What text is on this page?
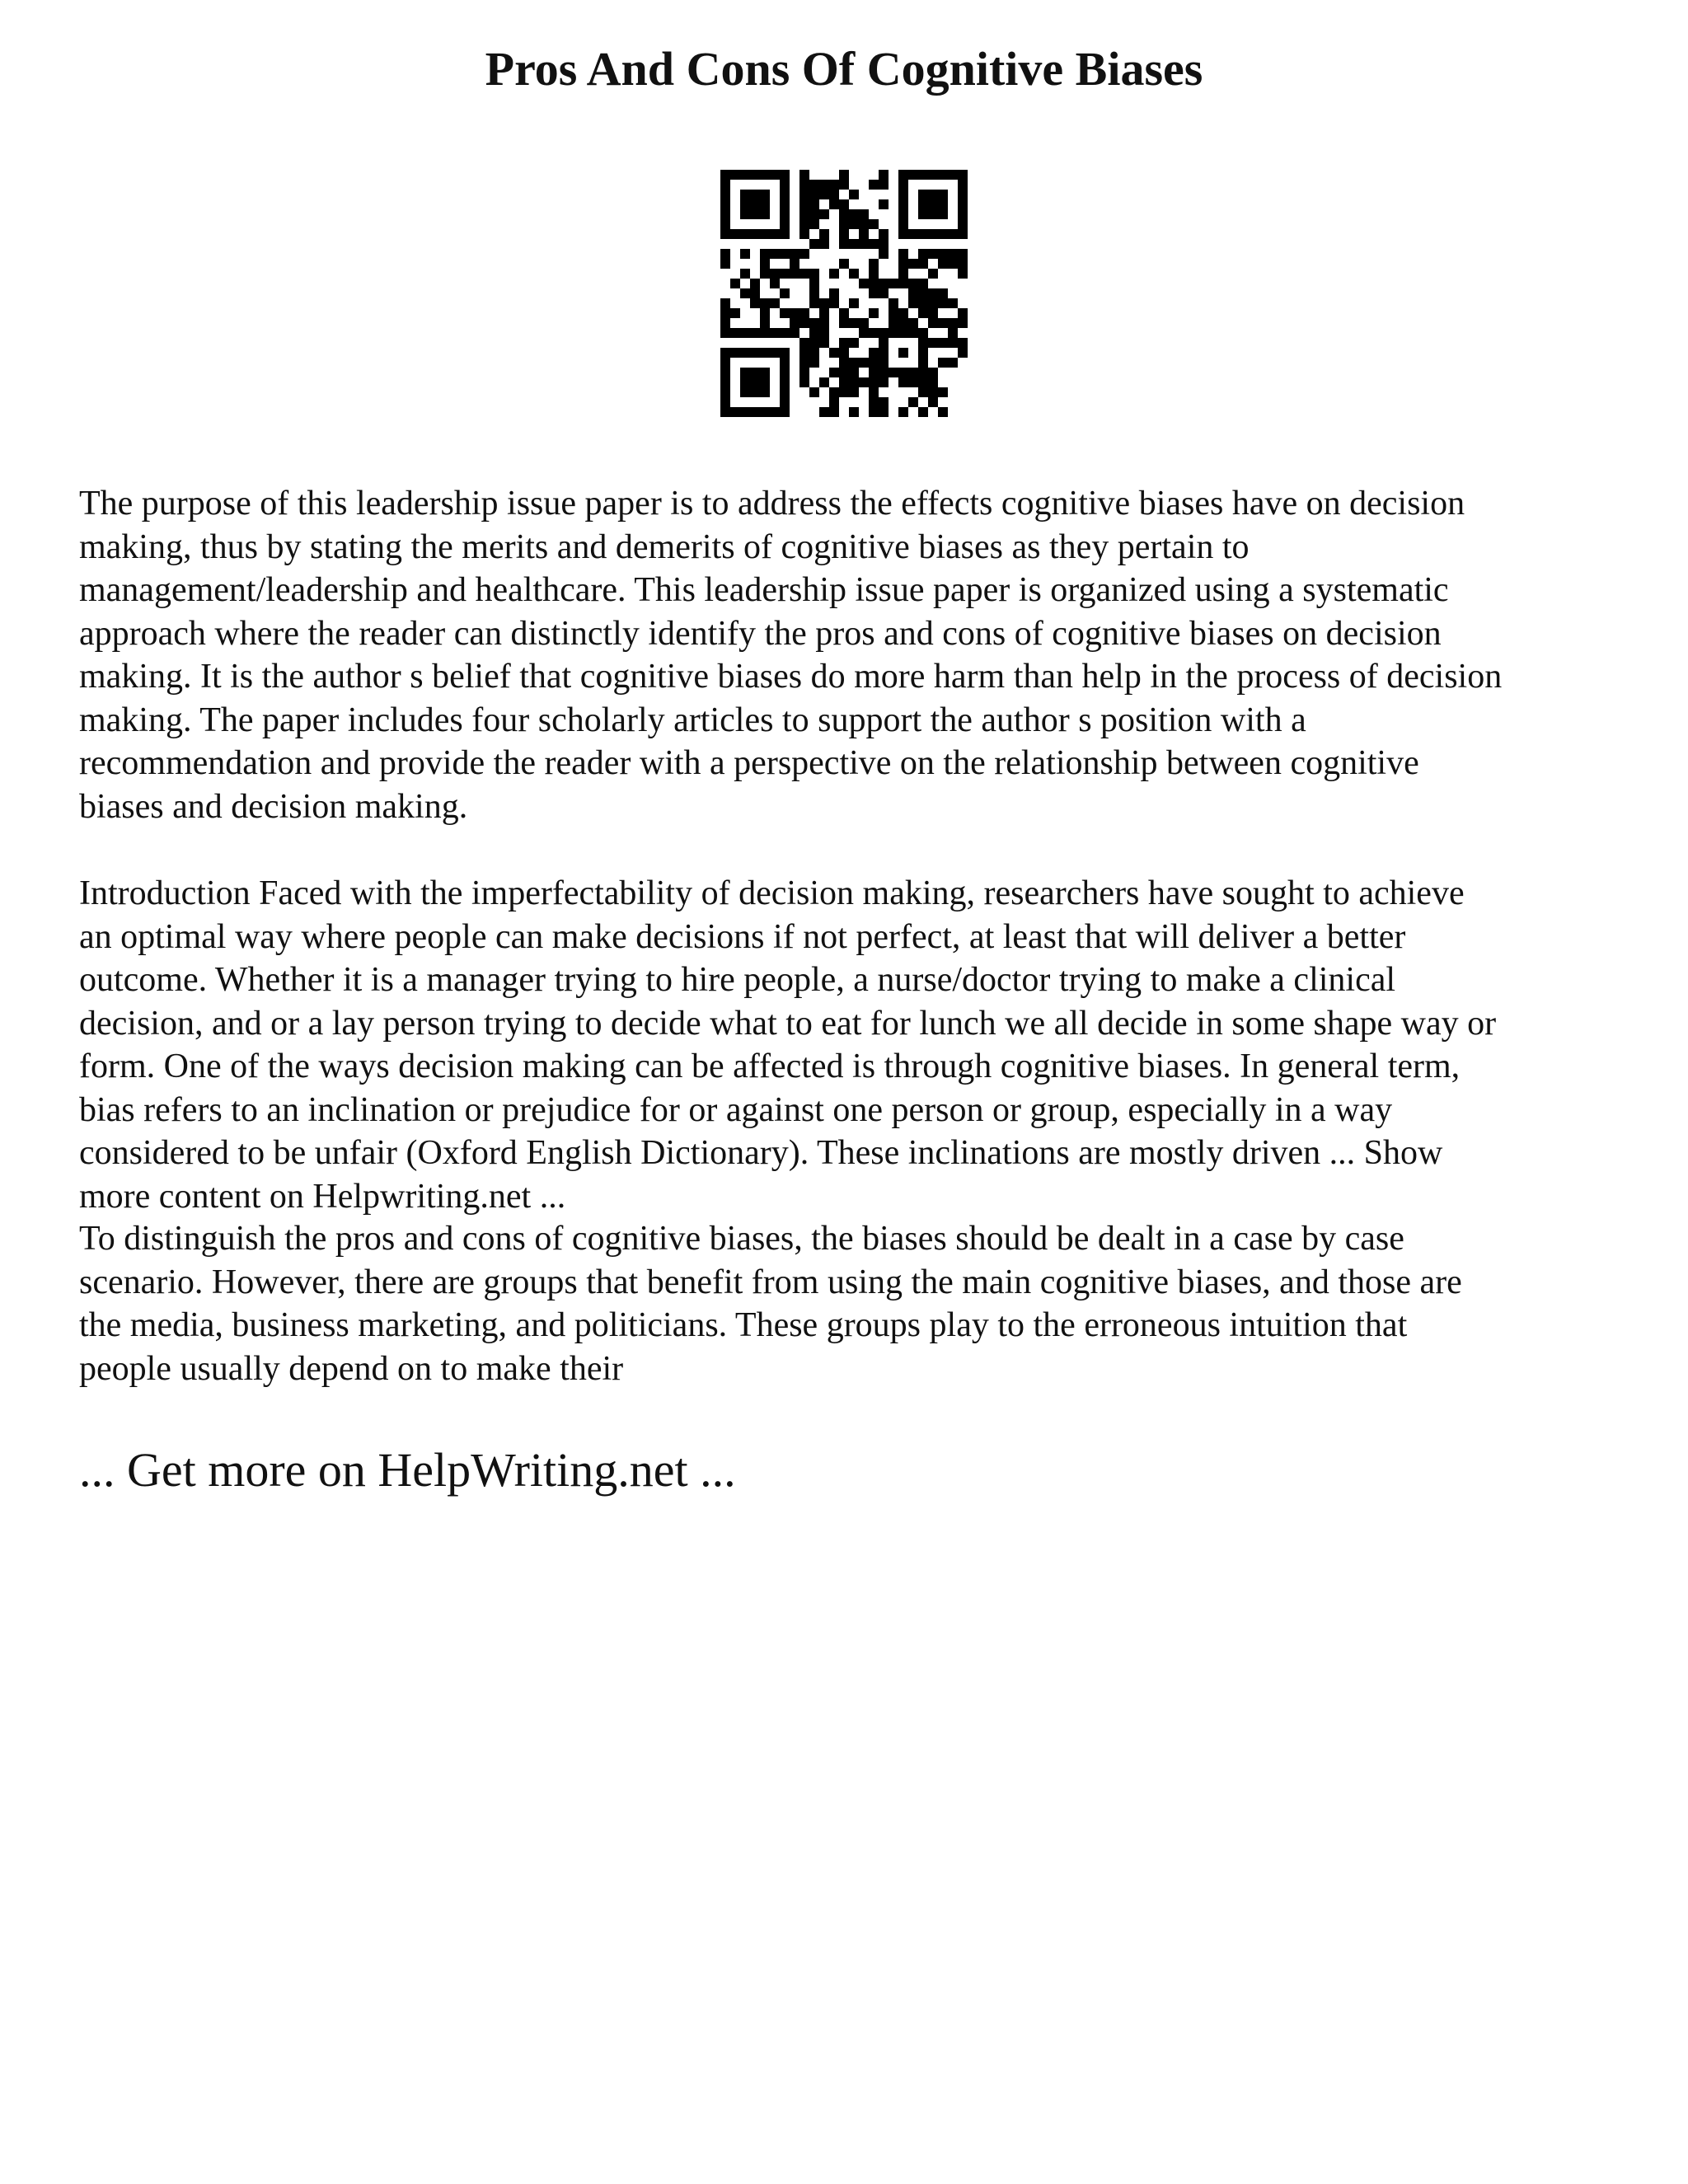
Pros And Cons Of Cognitive Biases

The purpose of this leadership issue paper is to address the effects cognitive biases have on decision
making, thus by stating the merits and demerits of cognitive biases as they pertain to
management/leadership and healthcare. This leadership issue paper is organized using a systematic
approach where the reader can distinctly identify the pros and cons of cognitive biases on decision
making. It is the author s belief that cognitive biases do more harm than help in the process of decision
making. The paper includes four scholarly articles to support the author s position with a
recommendation and provide the reader with a perspective on the relationship between cognitive
biases and decision making.

Introduction Faced with the imperfectability of decision making, researchers have sought to achieve
an optimal way where people can make decisions if not perfect, at least that will deliver a better
outcome. Whether it is a manager trying to hire people, a nurse/doctor trying to make a clinical
decision, and or a lay person trying to decide what to eat for lunch we all decide in some shape way or
form. One of the ways decision making can be affected is through cognitive biases. In general term,
bias refers to an inclination or prejudice for or against one person or group, especially in a way
considered to be unfair (Oxford English Dictionary). These inclinations are mostly driven ... Show
more content on Helpwriting.net ...

To distinguish the pros and cons of cognitive biases, the biases should be dealt in a case by case
scenario. However, there are groups that benefit from using the main cognitive biases, and those are
the media, business marketing, and politicians. These groups play to the erroneous intuition that
people usually depend on to make their

... Get more on HelpWriting.net ...
